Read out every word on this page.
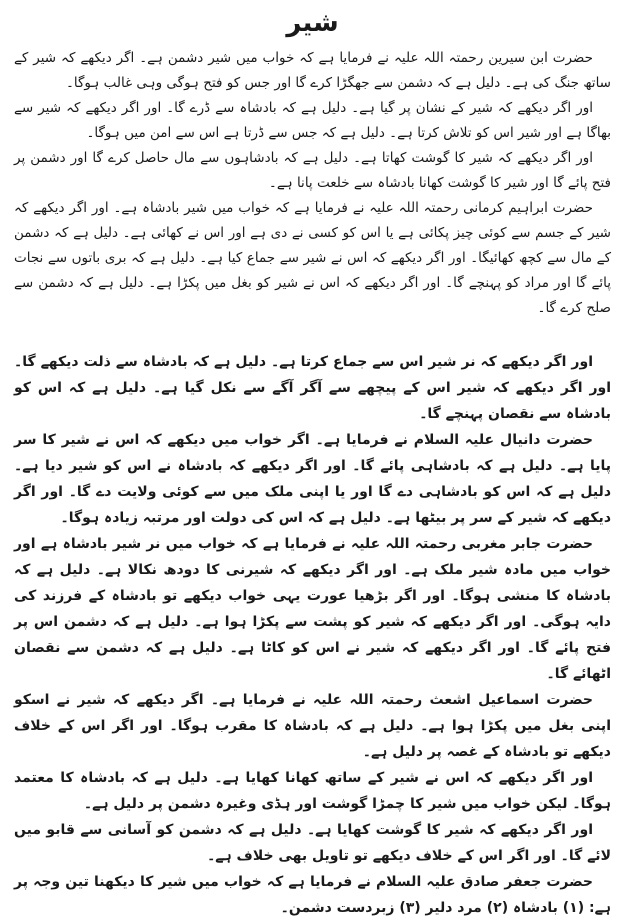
شیر

حضرت ابن سیرین رحمتہ اللہ علیہ نے فرمایا ہے کہ خواب میں شیر دشمن ہے۔ اگر دیکھے کہ شیر کے ساتھ جنگ کی ہے۔ دلیل ہے کہ دشمن سے جھگڑا کرے گا اور جس کو فتح ہوگی وہی غالب ہوگا۔

اور اگر دیکھے کہ شیر کے نشان پر گیا ہے۔ دلیل ہے کہ بادشاہ سے ڈرے گا۔ اور اگر دیکھے کہ شیر سے بھاگا ہے اور شیر اس کو تلاش کرتا ہے۔ دلیل ہے کہ جس سے ڈرتا ہے اس سے امن میں ہوگا۔

اور اگر دیکھے کہ شیر کا گوشت کھاتا ہے۔ دلیل ہے کہ بادشاہوں سے مال حاصل کرے گا اور دشمن پر فتح پائے گا اور شیر کا گوشت کھانا بادشاہ سے خلعت پانا ہے۔

حضرت ابراہیم کرمانی رحمتہ اللہ علیہ نے فرمایا ہے کہ خواب میں شیر بادشاہ ہے۔ اور اگر دیکھے کہ شیر کے جسم سے کوئی چیز پکائی ہے یا اس کو کسی نے دی ہے اور اس نے کھائی ہے۔ دلیل ہے کہ دشمن کے مال سے کچھ کھائیگا۔ اور اگر دیکھے کہ اس نے شیر سے جماع کیا ہے۔ دلیل ہے کہ بری باتوں سے نجات پائے گا اور مراد کو پہنچے گا۔ اور اگر دیکھے کہ اس نے شیر کو بغل میں پکڑا ہے۔ دلیل ہے کہ دشمن سے صلح کرے گا۔

اور اگر دیکھے کہ نر شیر اس سے جماع کرتا ہے۔ دلیل ہے کہ بادشاہ سے ذلت دیکھے گا۔ اور اگر دیکھے کہ شیر اس کے پیچھے سے آگر آگے سے نکل گیا ہے۔ دلیل ہے کہ اس کو بادشاہ سے نقصان پہنچے گا۔

حضرت دانیال علیہ السلام نے فرمایا ہے۔ اگر خواب میں دیکھے کہ اس نے شیر کا سر پایا ہے۔ دلیل ہے کہ بادشاہی پائے گا۔ اور اگر دیکھے کہ بادشاہ نے اس کو شیر دیا ہے۔ دلیل ہے کہ اس کو بادشاہی دے گا اور یا اپنی ملک میں سے کوئی ولایت دے گا۔ اور اگر دیکھے کہ شیر کے سر پر بیٹھا ہے۔ دلیل ہے کہ اس کی دولت اور مرتبہ زیادہ ہوگا۔

حضرت جابر مغربی رحمتہ اللہ علیہ نے فرمایا ہے کہ خواب میں نر شیر بادشاہ ہے اور خواب میں مادہ شیر ملک ہے۔ اور اگر دیکھے کہ شیرنی کا دودھ نکالا ہے۔ دلیل ہے کہ بادشاہ کا منشی ہوگا۔ اور اگر بڑھیا عورت یہی خواب دیکھے تو بادشاہ کے فرزند کی دایہ ہوگی۔ اور اگر دیکھے کہ شیر کو پشت سے پکڑا ہوا ہے۔ دلیل ہے کہ دشمن اس پر فتح پائے گا۔ اور اگر دیکھے کہ شیر نے اس کو کاٹا ہے۔ دلیل ہے کہ دشمن سے نقصان اٹھائے گا۔

حضرت اسماعیل اشعث رحمتہ اللہ علیہ نے فرمایا ہے۔ اگر دیکھے کہ شیر نے اسکو اپنی بغل میں پکڑا ہوا ہے۔ دلیل ہے کہ بادشاہ کا مقرب ہوگا۔ اور اگر اس کے خلاف دیکھے تو بادشاہ کے غصہ پر دلیل ہے۔

اور اگر دیکھے کہ اس نے شیر کے ساتھ کھانا کھایا ہے۔ دلیل ہے کہ بادشاہ کا معتمد ہوگا۔ لیکن خواب میں شیر کا چمڑا گوشت اور ہڈی وغیرہ دشمن پر دلیل ہے۔

اور اگر دیکھے کہ شیر کا گوشت کھایا ہے۔ دلیل ہے کہ دشمن کو آسانی سے قابو میں لائے گا۔ اور اگر اس کے خلاف دیکھے تو تاویل بھی خلاف ہے۔

حضرت جعفر صادق علیہ السلام نے فرمایا ہے کہ خواب میں شیر کا دیکھنا تین وجہ پر ہے: (۱) بادشاہ (۲) مرد دلیر (۳) زبردست دشمن۔
